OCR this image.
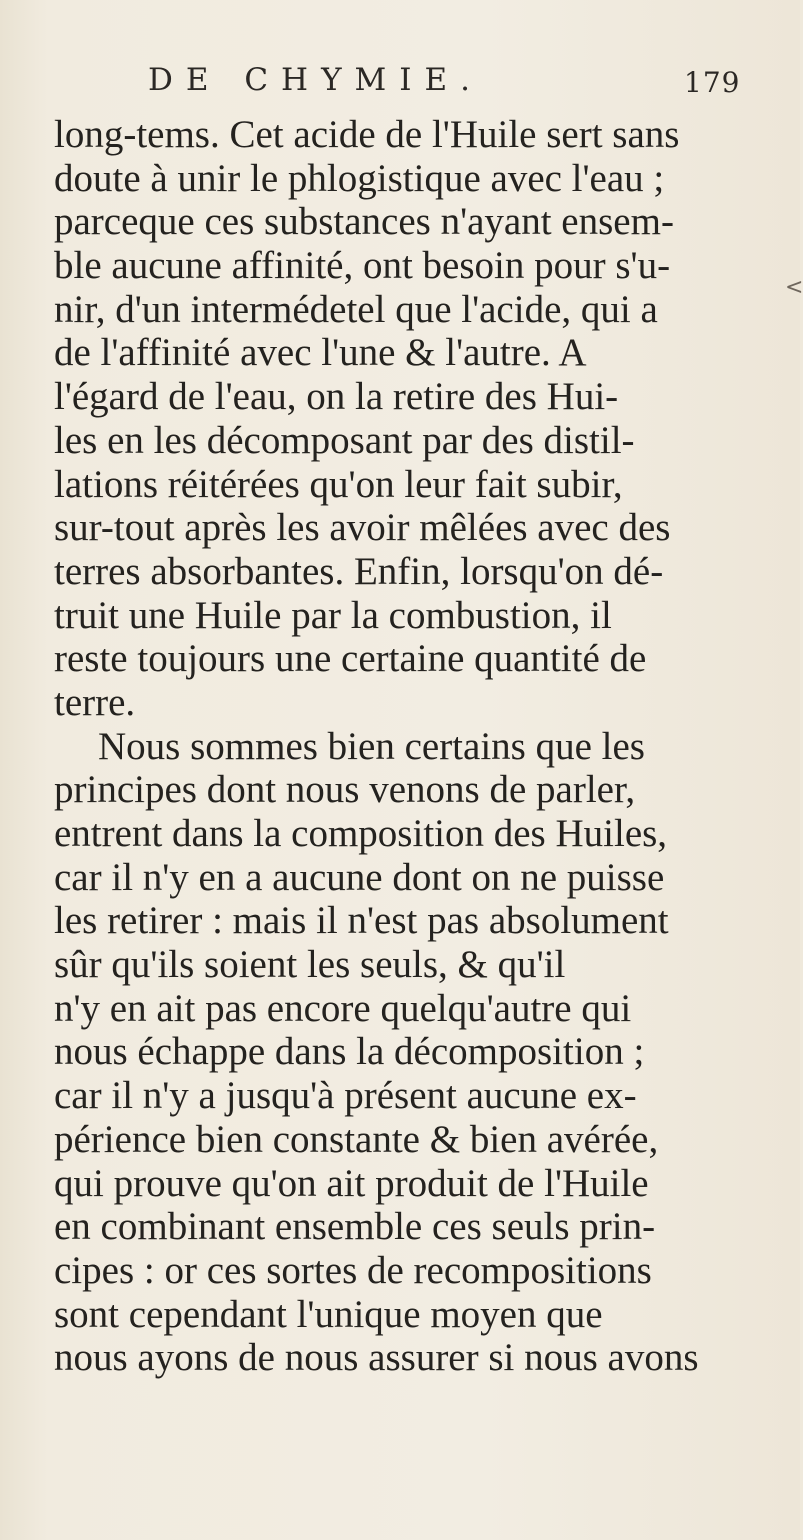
DE CHYMIE.	179
long-tems. Cet acide de l'Huile sert sans
doute à unir le phlogistique avec l'eau ;
parceque ces substances n'ayant ensem-
ble aucune affinité, ont besoin pour s'u-
nir, d'un intermédetel que l'acide, qui a
de l'affinité avec l'une & l'autre. A
l'égard de l'eau, on la retire des Hui-
les en les décomposant par des distil-
lations réitérées qu'on leur fait subir,
sur-tout après les avoir mêlées avec des
terres absorbantes. Enfin, lorsqu'on dé-
truit une Huile par la combustion, il
reste toujours une certaine quantité de
terre.
Nous sommes bien certains que les
principes dont nous venons de parler,
entrent dans la composition des Huiles,
car il n'y en a aucune dont on ne puisse
les retirer : mais il n'est pas absolument
sûr qu'ils soient les seuls, & qu'il
n'y en ait pas encore quelqu'autre qui
nous échappe dans la décomposition ;
car il n'y a jusqu'à présent aucune ex-
périence bien constante & bien avérée,
qui prouve qu'on ait produit de l'Huile
en combinant ensemble ces seuls prin-
cipes : or ces sortes de recompositions
sont cependant l'unique moyen que
nous ayons de nous assurer si nous avons
<
